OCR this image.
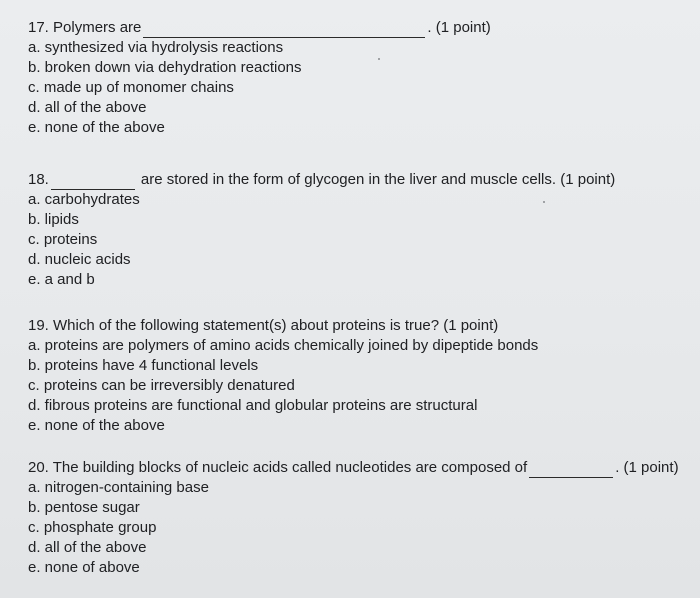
17. Polymers are	. (1 point)
a. synthesized via hydrolysis reactions
b. broken down via dehydration reactions
c. made up of monomer chains
d. all of the above
e. none of the above
18.	are stored in the form of glycogen in the liver and muscle cells. (1 point)
a. carbohydrates
b. lipids
c. proteins
d. nucleic acids
e. a and b
19. Which of the following statement(s) about proteins is true? (1 point)
a. proteins are polymers of amino acids chemically joined by dipeptide bonds
b. proteins have 4 functional levels
c. proteins can be irreversibly denatured
d. fibrous proteins are functional and globular proteins are structural
e. none of the above
20. The building blocks of nucleic acids called nucleotides are composed of	. (1 point)
a. nitrogen-containing base
b. pentose sugar
c. phosphate group
d. all of the above
e. none of above
